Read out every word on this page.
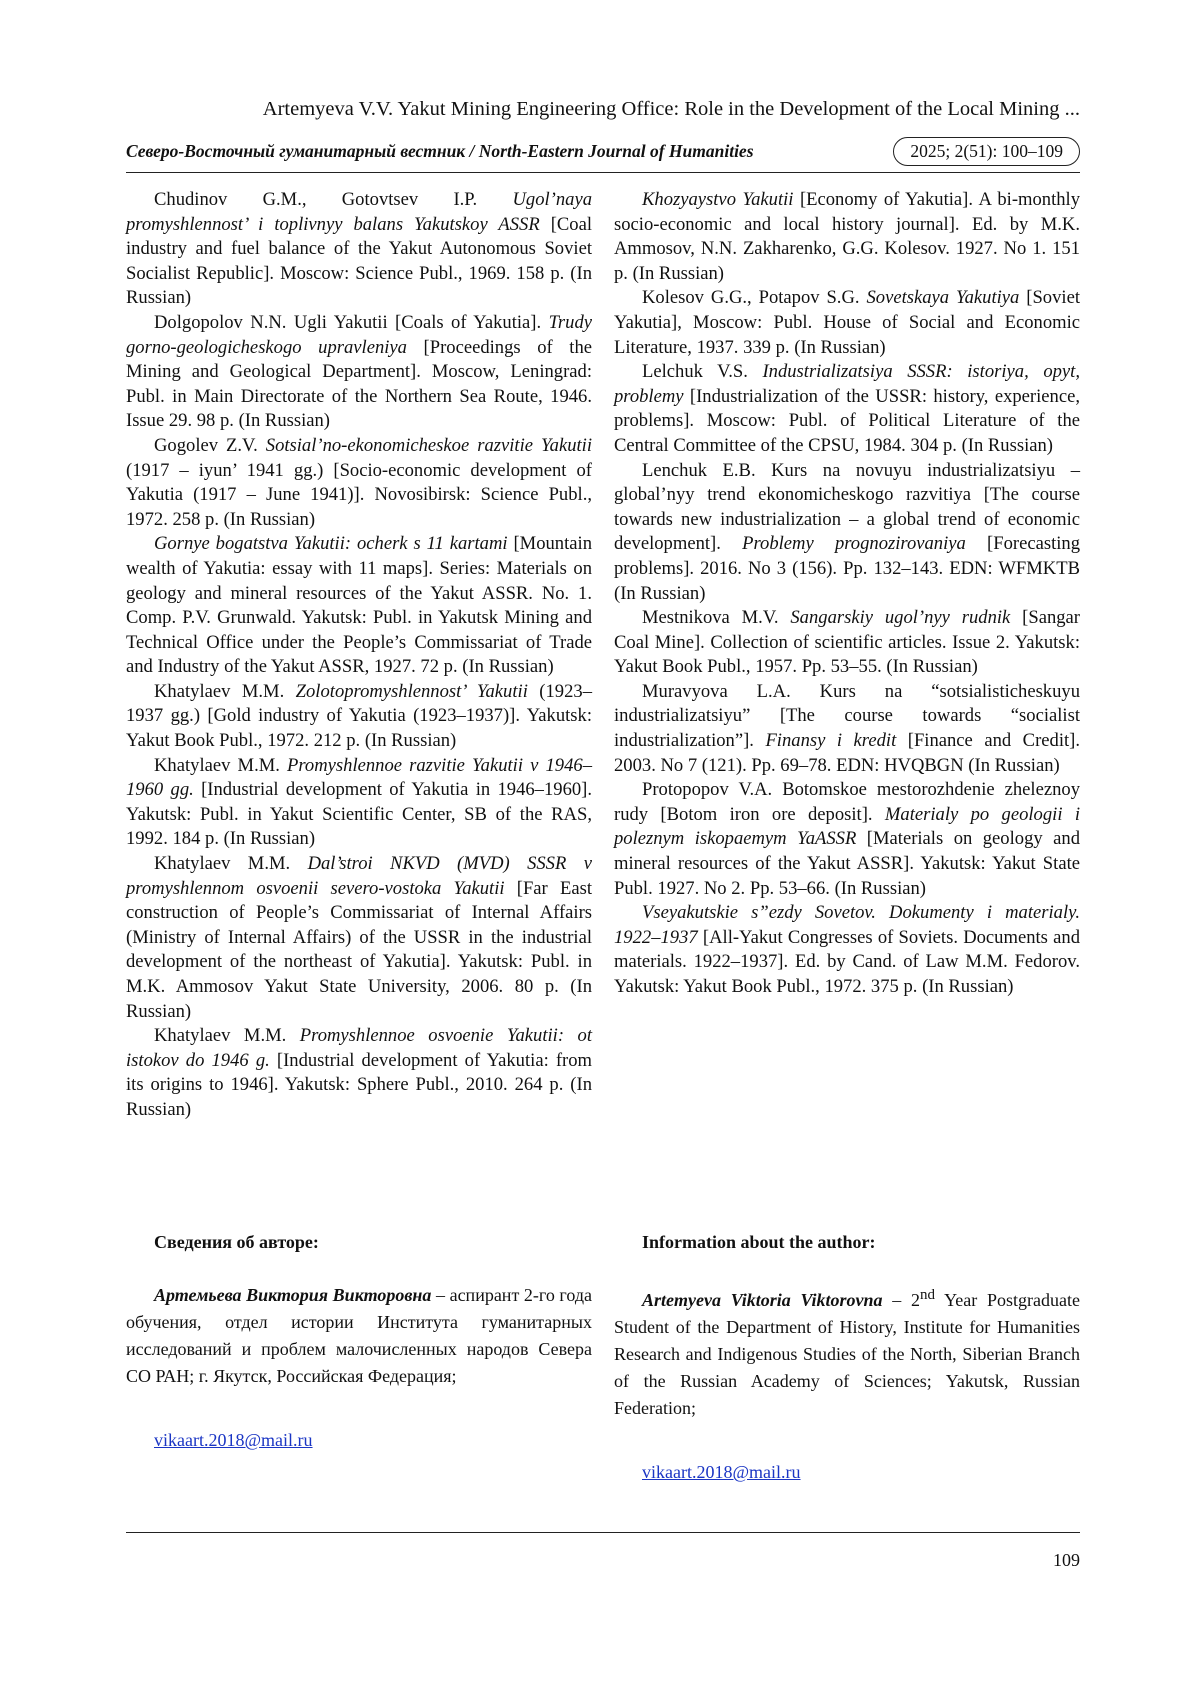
Artemyeva V.V. Yakut Mining Engineering Office: Role in the Development of the Local Mining ...
Северо-Восточный гуманитарный вестник / North-Eastern Journal of Humanities	2025; 2(51): 100–109

Chudinov G.M., Gotovtsev I.P. Ugol’naya promyshlennost’ i toplivnyy balans Yakutskoy ASSR [Coal industry and fuel balance of the Yakut Autonomous Soviet Socialist Republic]. Moscow: Science Publ., 1969. 158 p. (In Russian)

Dolgopolov N.N. Ugli Yakutii [Coals of Yakutia]. Trudy gorno-geologicheskogo upravleniya [Proceedings of the Mining and Geological Department]. Moscow, Leningrad: Publ. in Main Directorate of the Northern Sea Route, 1946. Issue 29. 98 p. (In Russian)

Gogolev Z.V. Sotsial’no-ekonomicheskoe razvitie Yakutii (1917 – iyun’ 1941 gg.) [Socio-economic development of Yakutia (1917 – June 1941)]. Novosibirsk: Science Publ., 1972. 258 p. (In Russian)

Gornye bogatstva Yakutii: ocherk s 11 kartami [Mountain wealth of Yakutia: essay with 11 maps]. Series: Materials on geology and mineral resources of the Yakut ASSR. No. 1. Comp. P.V. Grunwald. Yakutsk: Publ. in Yakutsk Mining and Technical Office under the People’s Commissariat of Trade and Industry of the Yakut ASSR, 1927. 72 p. (In Russian)

Khatylaev M.M. Zolotopromyshlennost’ Yakutii (1923–1937 gg.) [Gold industry of Yakutia (1923–1937)]. Yakutsk: Yakut Book Publ., 1972. 212 p. (In Russian)

Khatylaev M.M. Promyshlennoe razvitie Yakutii v 1946–1960 gg. [Industrial development of Yakutia in 1946–1960]. Yakutsk: Publ. in Yakut Scientific Center, SB of the RAS, 1992. 184 p. (In Russian)

Khatylaev M.M. Dal’stroi NKVD (MVD) SSSR v promyshlennom osvoenii severo-vostoka Yakutii [Far East construction of People’s Commissariat of Internal Affairs (Ministry of Internal Affairs) of the USSR in the industrial development of the northeast of Yakutia]. Yakutsk: Publ. in M.K. Ammosov Yakut State University, 2006. 80 p. (In Russian)

Khatylaev M.M. Promyshlennoe osvoenie Yakutii: ot istokov do 1946 g. [Industrial development of Yakutia: from its origins to 1946]. Yakutsk: Sphere Publ., 2010. 264 p. (In Russian)

Khozyaystvo Yakutii [Economy of Yakutia]. A bi-monthly socio-economic and local history journal]. Ed. by M.K. Ammosov, N.N. Zakharenko, G.G. Kolesov. 1927. No 1. 151 p. (In Russian)

Kolesov G.G., Potapov S.G. Sovetskaya Yakutiya [Soviet Yakutia], Moscow: Publ. House of Social and Economic Literature, 1937. 339 p. (In Russian)

Lelchuk V.S. Industrializatsiya SSSR: istoriya, opyt, problemy [Industrialization of the USSR: history, experience, problems]. Moscow: Publ. of Political Literature of the Central Committee of the CPSU, 1984. 304 p. (In Russian)

Lenchuk E.B. Kurs na novuyu industrializatsiyu – global’nyy trend ekonomicheskogo razvitiya [The course towards new industrialization – a global trend of economic development]. Problemy prognozirovaniya [Forecasting problems]. 2016. No 3 (156). Pp. 132–143. EDN: WFMKTB (In Russian)

Mestnikova M.V. Sangarskiy ugol’nyy rudnik [Sangar Coal Mine]. Collection of scientific articles. Issue 2. Yakutsk: Yakut Book Publ., 1957. Pp. 53–55. (In Russian)

Muravyova L.A. Kurs na “sotsialisticheskuyu industrializatsiyu” [The course towards “socialist industrialization”]. Finansy i kredit [Finance and Credit]. 2003. No 7 (121). Pp. 69–78. EDN: HVQBGN (In Russian)

Protopopov V.A. Botomskoe mestorozhdenie zheleznoy rudy [Botom iron ore deposit]. Materialy po geologii i poleznym iskopaemym YaASSR [Materials on geology and mineral resources of the Yakut ASSR]. Yakutsk: Yakut State Publ. 1927. No 2. Pp. 53–66. (In Russian)

Vseyakutskie s”ezdy Sovetov. Dokumenty i materialy. 1922–1937 [All-Yakut Congresses of Soviets. Documents and materials. 1922–1937]. Ed. by Cand. of Law M.M. Fedorov. Yakutsk: Yakut Book Publ., 1972. 375 p. (In Russian)

Сведения об авторе:

Артемьева Виктория Викторовна – аспирант 2-го года обучения, отдел истории Института гуманитарных исследований и проблем малочисленных народов Севера СО РАН; г. Якутск, Российская Федерация;

vikaart.2018@mail.ru

Information about the author:

Artemyeva Viktoria Viktorovna – 2nd Year Postgraduate Student of the Department of History, Institute for Humanities Research and Indigenous Studies of the North, Siberian Branch of the Russian Academy of Sciences; Yakutsk, Russian Federation;

vikaart.2018@mail.ru
109
